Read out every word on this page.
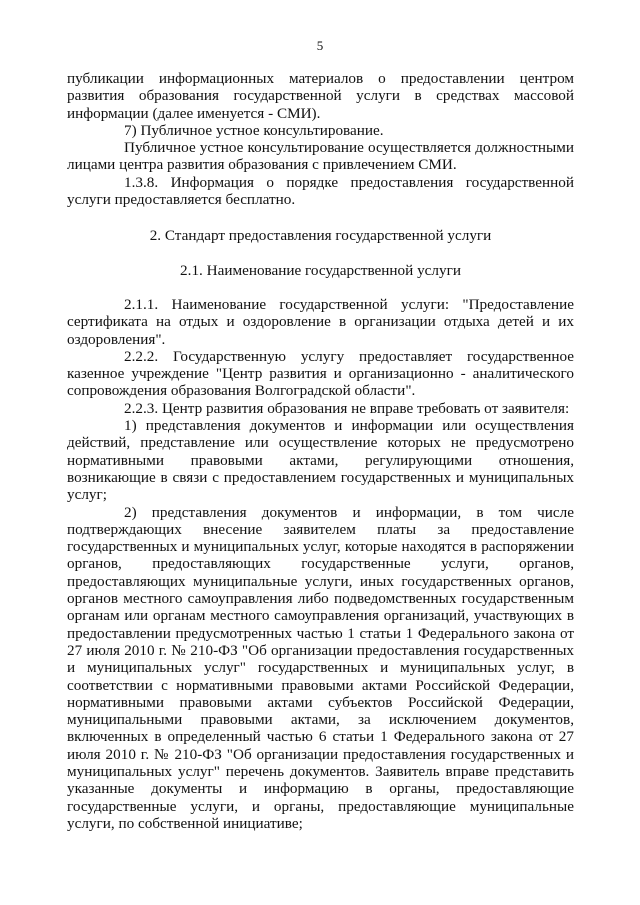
5

публикации информационных материалов о предоставлении центром развития образования государственной услуги в средствах массовой информации (далее именуется - СМИ).

7) Публичное устное консультирование.

Публичное устное консультирование осуществляется должностными лицами центра развития образования с привлечением СМИ.

1.3.8. Информация о порядке предоставления государственной услуги предоставляется бесплатно.

2. Стандарт предоставления государственной услуги

2.1. Наименование государственной услуги

2.1.1. Наименование государственной услуги: "Предоставление сертификата на отдых и оздоровление в организации отдыха детей и их оздоровления".

2.2.2. Государственную услугу предоставляет государственное казенное учреждение "Центр развития и организационно - аналитического сопровождения образования Волгоградской области".

2.2.3. Центр развития образования не вправе требовать от заявителя:

1) представления документов и информации или осуществления действий, представление или осуществление которых не предусмотрено нормативными правовыми актами, регулирующими отношения, возникающие в связи с предоставлением государственных и муниципальных услуг;

2) представления документов и информации, в том числе подтверждающих внесение заявителем платы за предоставление государственных и муниципальных услуг, которые находятся в распоряжении органов, предоставляющих государственные услуги, органов, предоставляющих муниципальные услуги, иных государственных органов, органов местного самоуправления либо подведомственных государственным органам или органам местного самоуправления организаций, участвующих в предоставлении предусмотренных частью 1 статьи 1 Федерального закона от 27 июля 2010 г. № 210-ФЗ "Об организации предоставления государственных и муниципальных услуг" государственных и муниципальных услуг, в соответствии с нормативными правовыми актами Российской Федерации, нормативными правовыми актами субъектов Российской Федерации, муниципальными правовыми актами, за исключением документов, включенных в определенный частью 6 статьи 1 Федерального закона от 27 июля 2010 г. № 210-ФЗ "Об организации предоставления государственных и муниципальных услуг" перечень документов. Заявитель вправе представить указанные документы и информацию в органы, предоставляющие государственные услуги, и органы, предоставляющие муниципальные услуги, по собственной инициативе;
